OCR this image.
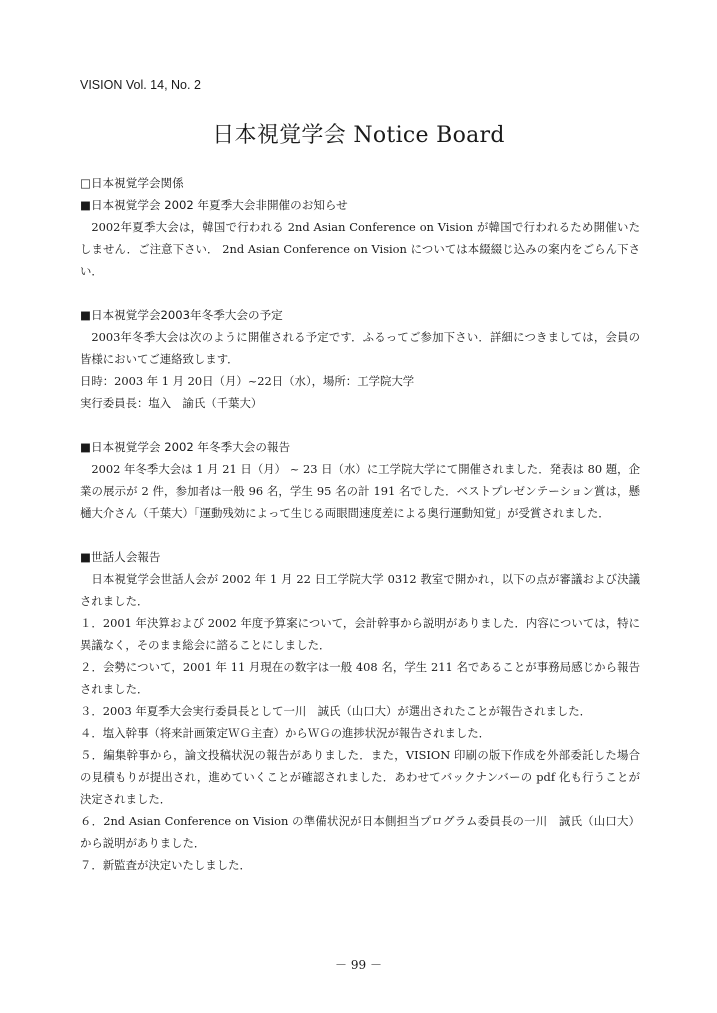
VISION Vol. 14, No. 2
日本視覚学会 Notice Board
□日本視覚学会関係
■日本視覚学会 2002 年夏季大会非開催のお知らせ
2002年夏季大会は，韓国で行われる 2nd Asian Conference on Vision が韓国で行われるため開催いたしません．ご注意下さい． 2nd Asian Conference on Vision については本綴綴じ込みの案内をごらん下さい．
■日本視覚学会2003年冬季大会の予定
2003年冬季大会は次のように開催される予定です．ふるってご参加下さい．詳細につきましては，会員の皆様においてご連絡致します．
日時：2003 年 1 月 20日（月）~22日（水），場所：工学院大学
実行委員長：塩入　諭氏（千葉大）
■日本視覚学会 2002 年冬季大会の報告
2002 年冬季大会は 1 月 21 日（月） ~ 23 日（水）に工学院大学にて開催されました．発表は 80 題，企業の展示が 2 件，参加者は一般 96 名，学生 95 名の計 191 名でした．ベストプレゼンテーション賞は，懸樋大介さん（千葉大）「運動残効によって生じる両眼間速度差による奥行運動知覚」が受賞されました．
■世話人会報告
日本視覚学会世話人会が 2002 年 1 月 22 日工学院大学 0312 教室で開かれ，以下の点が審議および決議されました．
１．2001 年決算および 2002 年度予算案について，会計幹事から説明がありました．内容については，特に異議なく，そのまま総会に諮ることにしました．
２．会勢について，2001 年 11 月現在の数字は一般 408 名，学生 211 名であることが事務局感じから報告されました．
３．2003 年夏季大会実行委員長として一川　誠氏（山口大）が選出されたことが報告されました．
４．塩入幹事（将来計画策定ＷＧ主査）からＷＧの進捗状況が報告されました．
５．編集幹事から，論文投稿状況の報告がありました．また，VISION 印刷の版下作成を外部委託した場合の見積もりが提出され，進めていくことが確認されました．あわせてバックナンバーの pdf 化も行うことが決定されました．
６．2nd Asian Conference on Vision の準備状況が日本側担当プログラム委員長の一川　誠氏（山口大）から説明がありました．
７．新監査が決定いたしました．
－ 99 －
